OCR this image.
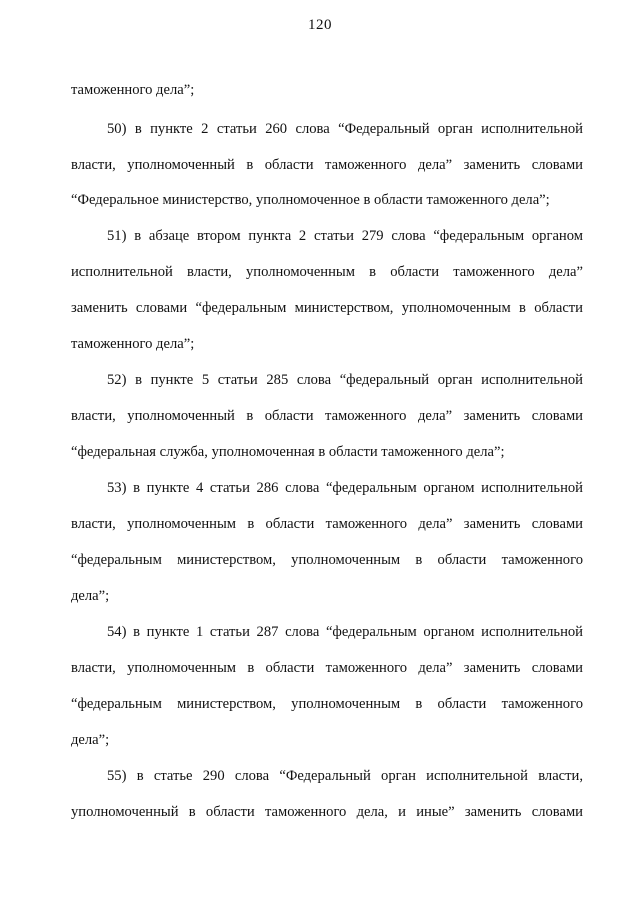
120
таможенного дела”;
50) в пункте 2 статьи 260 слова “Федеральный орган исполнительной
власти, уполномоченный в области таможенного дела” заменить словами
“Федеральное министерство, уполномоченное в области таможенного дела”;
51) в абзаце втором пункта 2 статьи 279 слова “федеральным органом
исполнительной власти, уполномоченным в области таможенного дела”
заменить словами “федеральным министерством, уполномоченным в области
таможенного дела”;
52) в пункте 5 статьи 285 слова “федеральный орган исполнительной
власти, уполномоченный в области таможенного дела” заменить словами
“федеральная служба, уполномоченная в области таможенного дела”;
53) в пункте 4 статьи 286 слова “федеральным органом исполнительной
власти, уполномоченным в области таможенного дела” заменить словами
“федеральным министерством, уполномоченным в области таможенного
дела”;
54) в пункте 1 статьи 287 слова “федеральным органом исполнительной
власти, уполномоченным в области таможенного дела” заменить словами
“федеральным министерством, уполномоченным в области таможенного
дела”;
55) в статье 290 слова “Федеральный орган исполнительной власти,
уполномоченный в области таможенного дела, и иные” заменить словами
